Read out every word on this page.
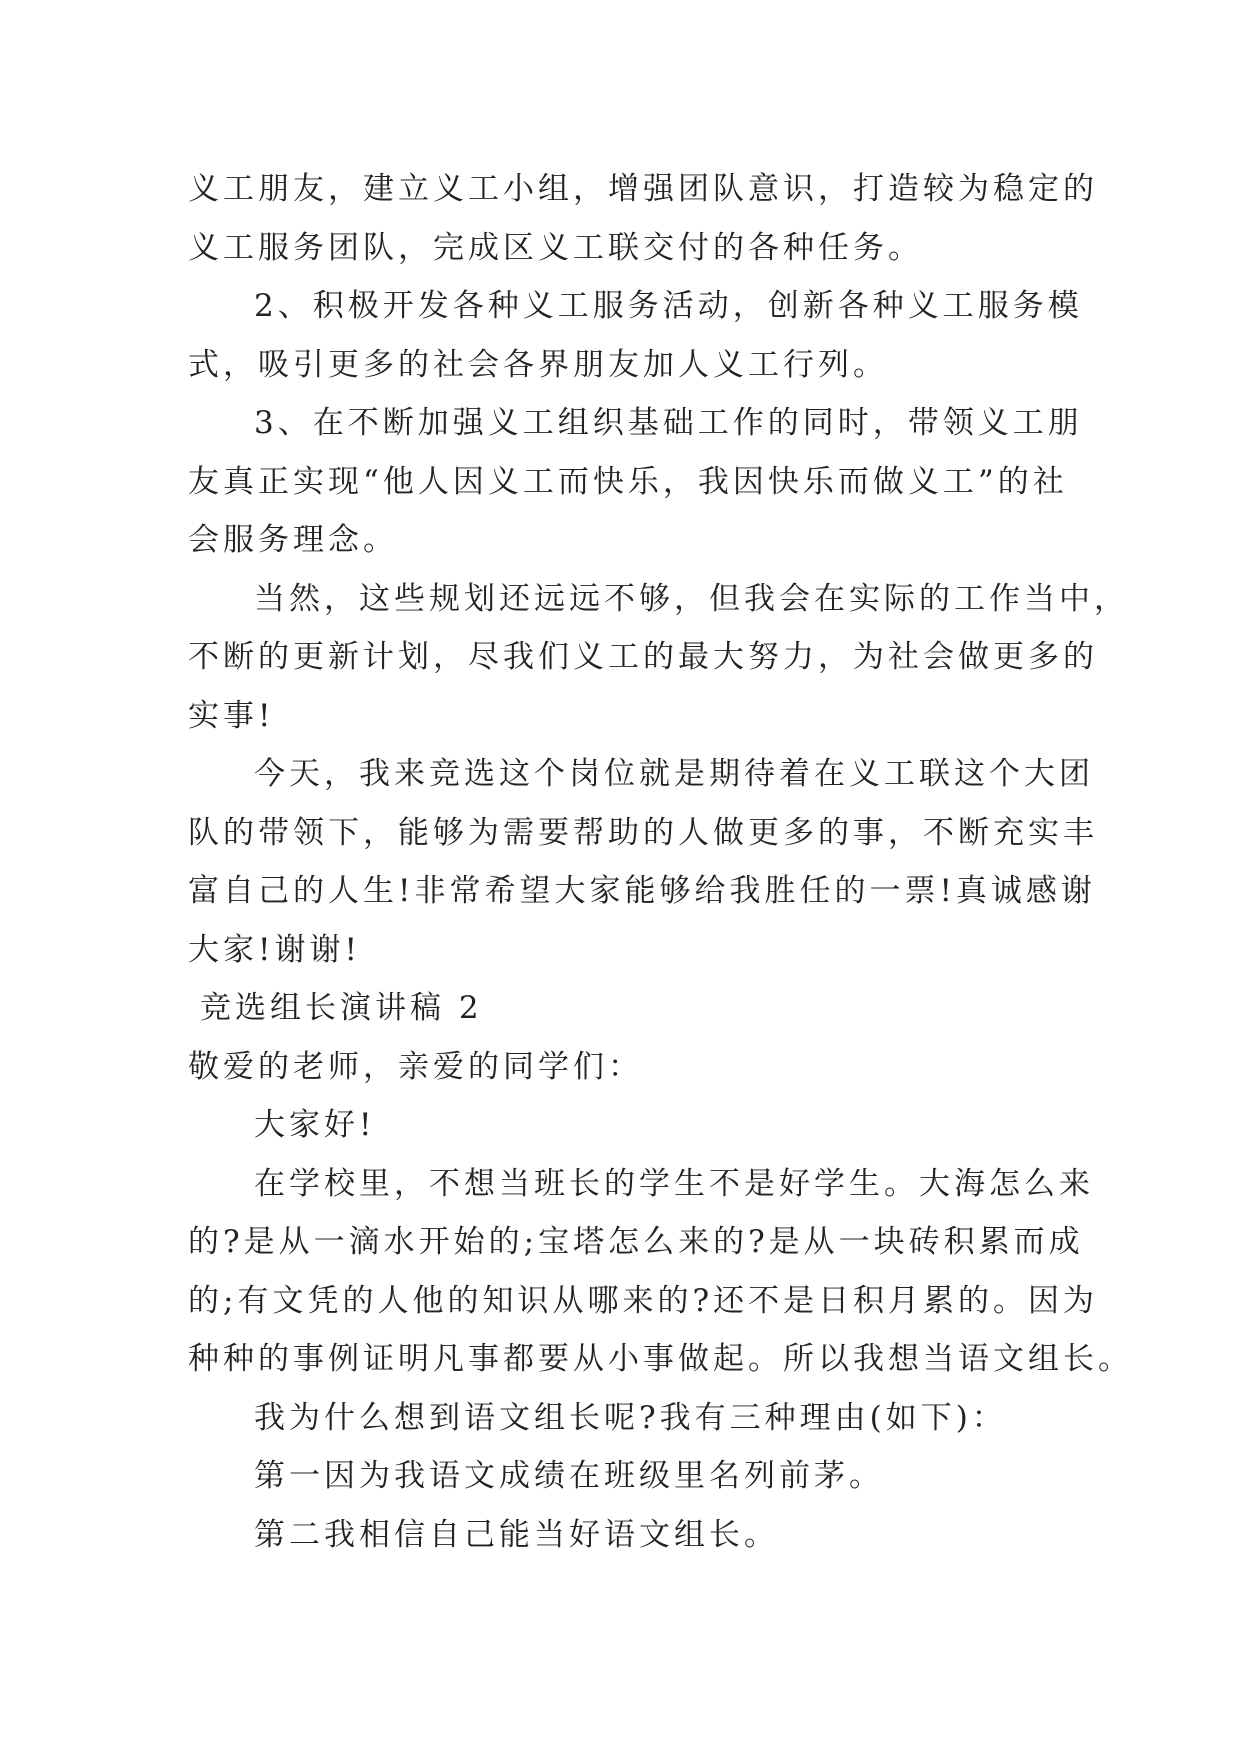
义工朋友，建立义工小组，增强团队意识，打造较为稳定的
义工服务团队，完成区义工联交付的各种任务。
2、积极开发各种义工服务活动，创新各种义工服务模
式，吸引更多的社会各界朋友加人义工行列。
3、在不断加强义工组织基础工作的同时，带领义工朋
友真正实现“他人因义工而快乐，我因快乐而做义工”的社
会服务理念。
当然，这些规划还远远不够，但我会在实际的工作当中，
不断的更新计划，尽我们义工的最大努力，为社会做更多的
实事!
今天，我来竞选这个岗位就是期待着在义工联这个大团
队的带领下，能够为需要帮助的人做更多的事，不断充实丰
富自己的人生!非常希望大家能够给我胜任的一票!真诚感谢
大家!谢谢!
竞选组长演讲稿 2
敬爱的老师，亲爱的同学们：
大家好!
在学校里，不想当班长的学生不是好学生。大海怎么来
的?是从一滴水开始的;宝塔怎么来的?是从一块砖积累而成
的;有文凭的人他的知识从哪来的?还不是日积月累的。因为
种种的事例证明凡事都要从小事做起。所以我想当语文组长。
我为什么想到语文组长呢?我有三种理由(如下)：
第一因为我语文成绩在班级里名列前茅。
第二我相信自己能当好语文组长。
